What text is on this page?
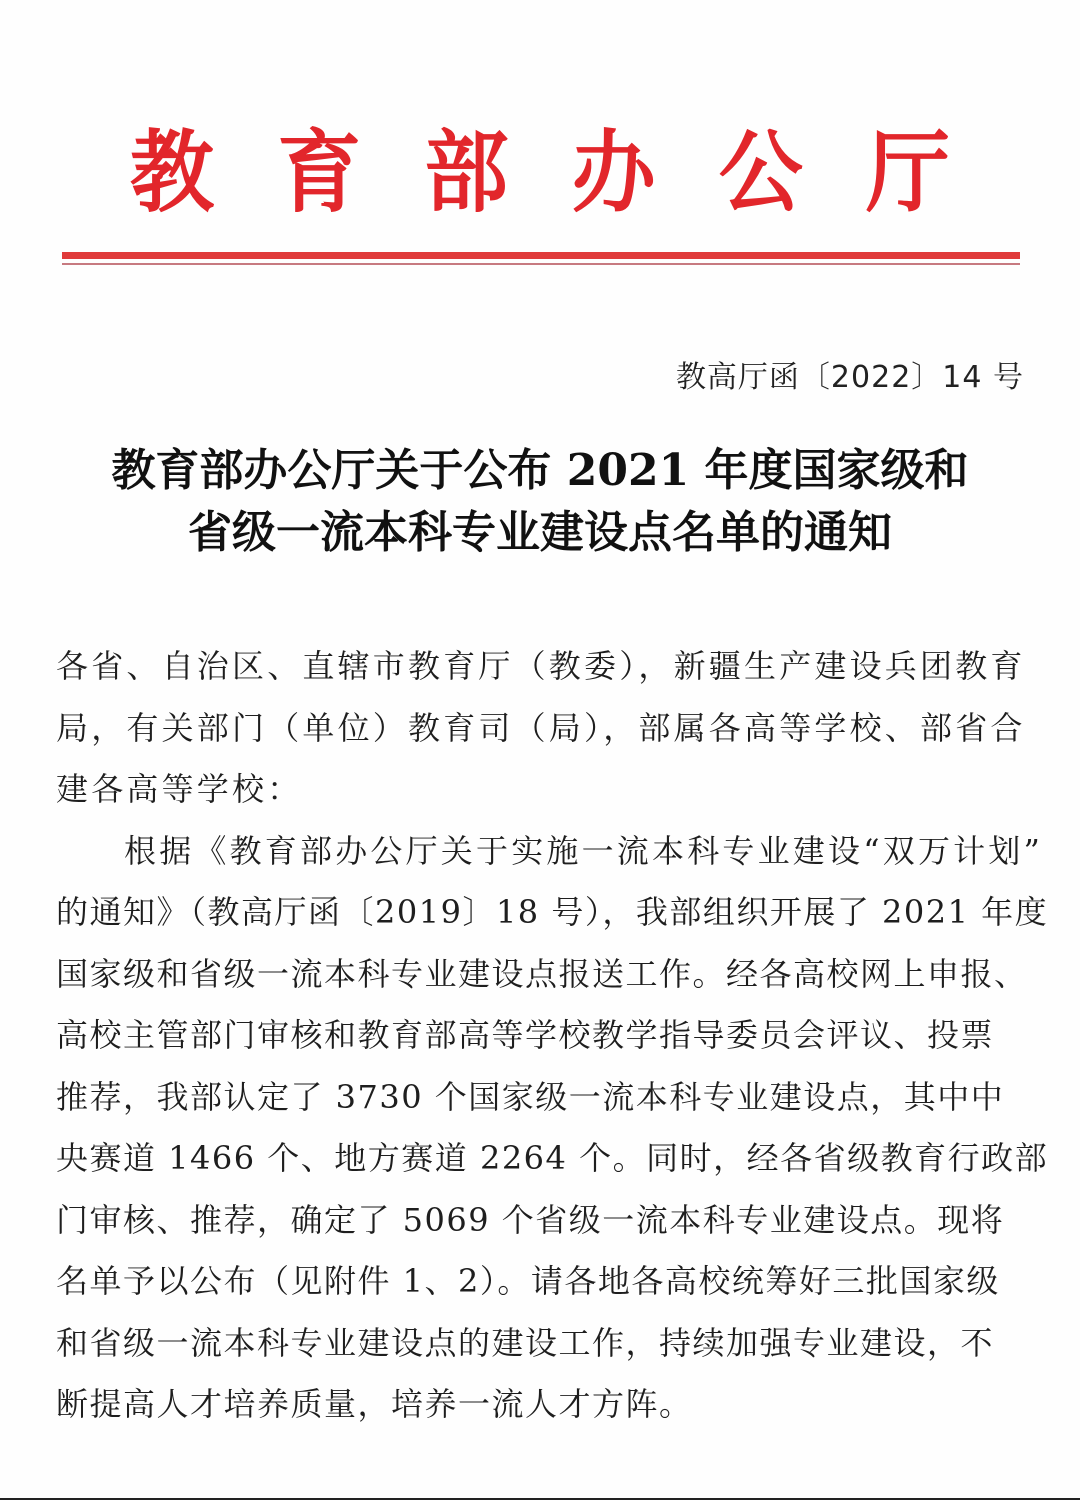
教 育 部 办 公 厅
教高厅函〔2022〕14 号
教育部办公厅关于公布 2021 年度国家级和
省级一流本科专业建设点名单的通知
各省、自治区、直辖市教育厅（教委），新疆生产建设兵团教育
局，有关部门（单位）教育司（局），部属各高等学校、部省合
建各高等学校：
根据《教育部办公厅关于实施一流本科专业建设“双万计划”
的通知》（教高厅函〔2019〕18 号），我部组织开展了 2021 年度
国家级和省级一流本科专业建设点报送工作。经各高校网上申报、
高校主管部门审核和教育部高等学校教学指导委员会评议、投票
推荐，我部认定了 3730 个国家级一流本科专业建设点，其中中
央赛道 1466 个、地方赛道 2264 个。同时，经各省级教育行政部
门审核、推荐，确定了 5069 个省级一流本科专业建设点。现将
名单予以公布（见附件 1、2）。请各地各高校统筹好三批国家级
和省级一流本科专业建设点的建设工作，持续加强专业建设，不
断提高人才培养质量，培养一流人才方阵。
